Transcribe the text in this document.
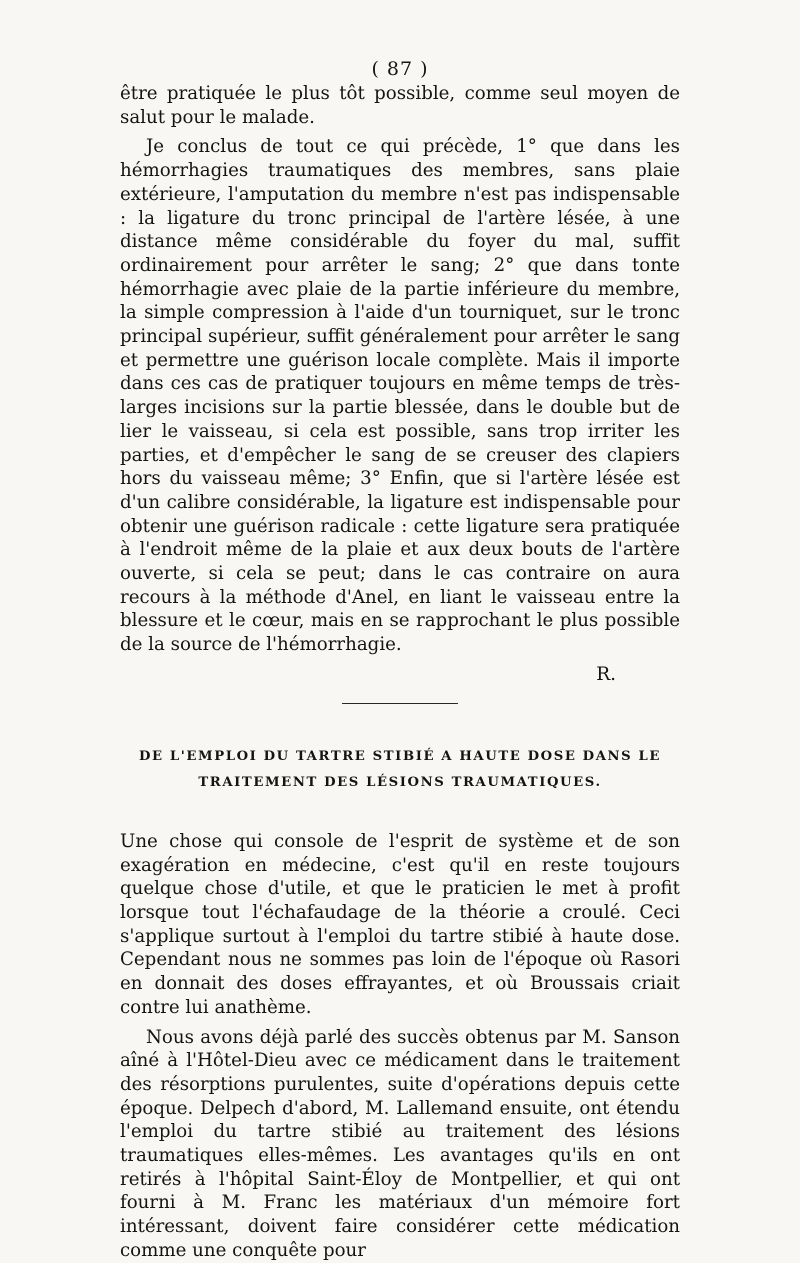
( 87 )

être pratiquée le plus tôt possible, comme seul moyen de salut pour le malade.

Je conclus de tout ce qui précède, 1° que dans les hémorrhagies traumatiques des membres, sans plaie extérieure, l'amputation du membre n'est pas indispensable : la ligature du tronc principal de l'artère lésée, à une distance même considérable du foyer du mal, suffit ordinairement pour arrêter le sang; 2° que dans tonte hémorrhagie avec plaie de la partie inférieure du membre, la simple compression à l'aide d'un tourniquet, sur le tronc principal supérieur, suffit généralement pour arrêter le sang et permettre une guérison locale complète. Mais il importe dans ces cas de pratiquer toujours en même temps de très-larges incisions sur la partie blessée, dans le double but de lier le vaisseau, si cela est possible, sans trop irriter les parties, et d'empêcher le sang de se creuser des clapiers hors du vaisseau même; 3° Enfin, que si l'artère lésée est d'un calibre considérable, la ligature est indispensable pour obtenir une guérison radicale : cette ligature sera pratiquée à l'endroit même de la plaie et aux deux bouts de l'artère ouverte, si cela se peut; dans le cas contraire on aura recours à la méthode d'Anel, en liant le vaisseau entre la blessure et le cœur, mais en se rapprochant le plus possible de la source de l'hémorrhagie.

R.
DE L'EMPLOI DU TARTRE STIBIÉ A HAUTE DOSE DANS LE
TRAITEMENT DES LÉSIONS TRAUMATIQUES.

Une chose qui console de l'esprit de système et de son exagération en médecine, c'est qu'il en reste toujours quelque chose d'utile, et que le praticien le met à profit lorsque tout l'échafaudage de la théorie a croulé. Ceci s'applique surtout à l'emploi du tartre stibié à haute dose. Cependant nous ne sommes pas loin de l'époque où Rasori en donnait des doses effrayantes, et où Broussais criait contre lui anathème.

Nous avons déjà parlé des succès obtenus par M. Sanson aîné à l'Hôtel-Dieu avec ce médicament dans le traitement des résorptions purulentes, suite d'opérations depuis cette époque. Delpech d'abord, M. Lallemand ensuite, ont étendu l'emploi du tartre stibié au traitement des lésions traumatiques elles-mêmes. Les avantages qu'ils en ont retirés à l'hôpital Saint-Éloy de Montpellier, et qui ont fourni à M. Franc les matériaux d'un mémoire fort intéressant, doivent faire considérer cette médication comme une conquête pour
